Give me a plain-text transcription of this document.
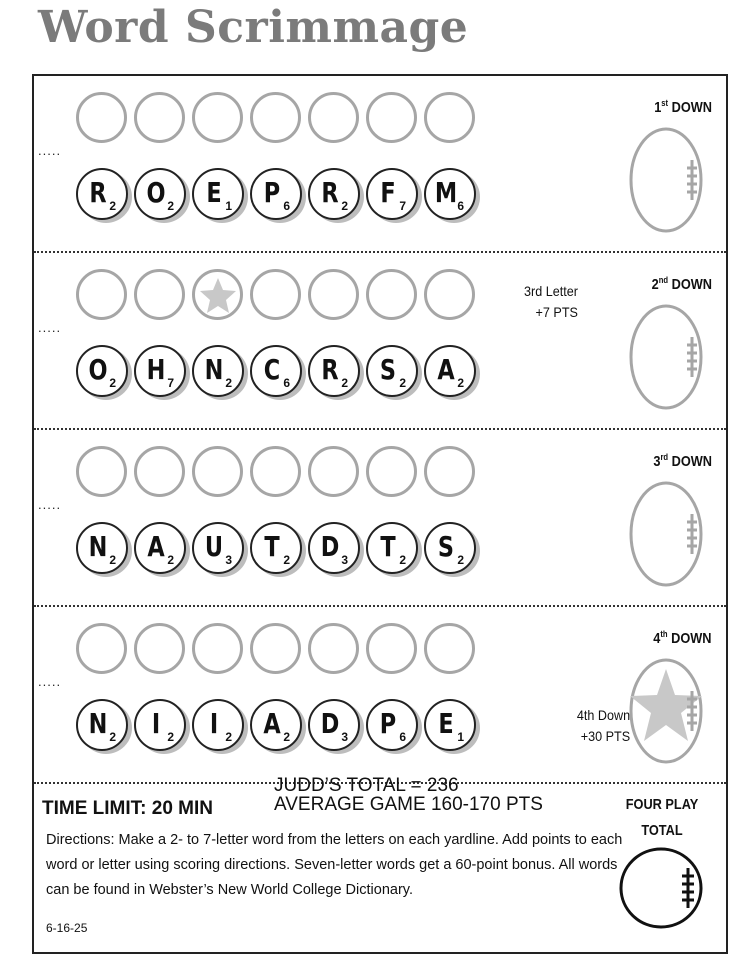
Word Scrimmage
.....
R 2 O 2 E 1 P 6 R 2 F 7 M 6
1st DOWN
.....
O 2 H 7 N 2 C 6 R 2 S 2 A 2
2nd DOWN
3rd Letter
+7 PTS
.....
N 2 A 2 U 3 T 2 D 3 T 2 S 2
3rd DOWN
.....
N 2	I 2	I 2 A 2 D 3 P 6 E 1
4th DOWN
4th Down
+30 PTS
TIME LIMIT: 20 MIN
JUDD’S TOTAL = 236
AVERAGE GAME 160-170 PTS
Directions: Make a 2- to 7-letter word from the letters on each yardline. Add points to each word or letter using scoring directions. Seven-letter words get a 60-point bonus. All words can be found in Webster’s New World College Dictionary.
6-16-25
FOUR PLAY
TOTAL
